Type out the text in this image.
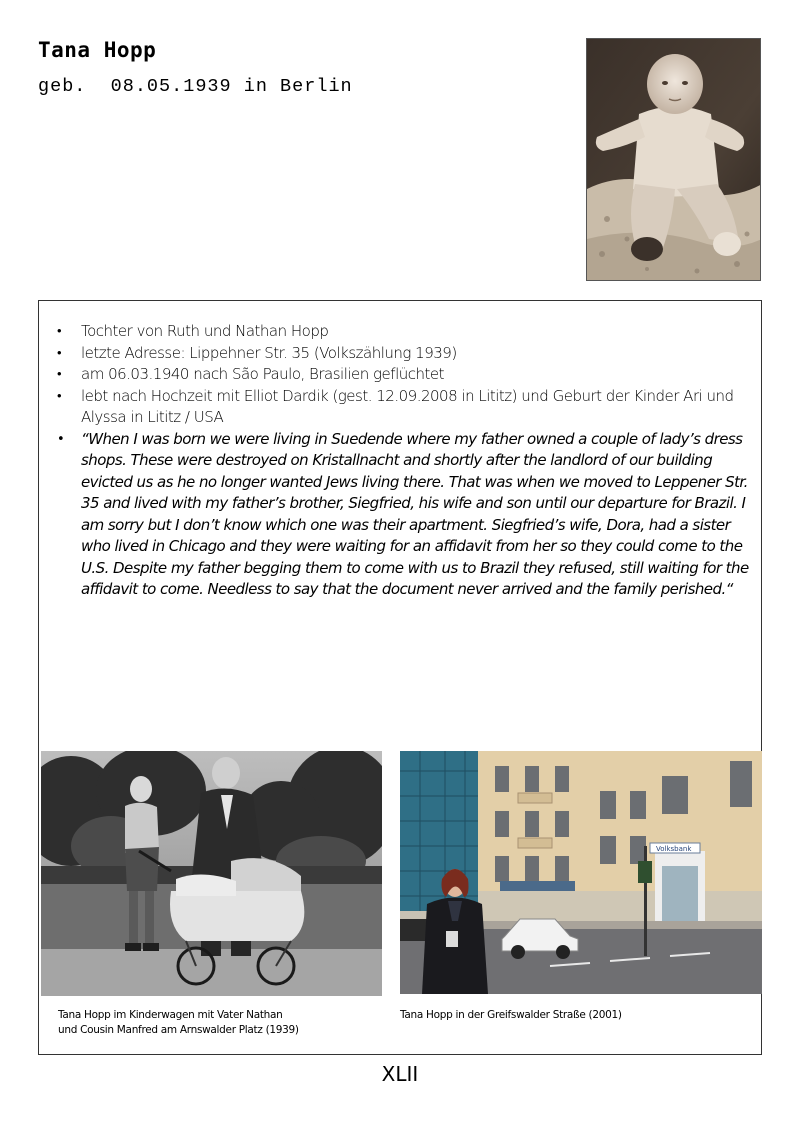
Tana Hopp
geb.  08.05.1939 in Berlin
• Tochter von Ruth und Nathan Hopp
• letzte Adresse: Lippehner Str. 35 (Volkszählung 1939)
• am 06.03.1940 nach São Paulo, Brasilien geflüchtet
• lebt nach Hochzeit mit Elliot Dardik (gest. 12.09.2008 in Lititz) und Geburt der Kinder Ari und Alyssa in Lititz / USA
• “When I was born we were living in Suedende where my father owned a couple of lady’s dress shops. These were destroyed on Kristallnacht and shortly after the landlord of our building evicted us as he no longer wanted Jews living there. That was when we moved to Leppener Str. 35 and lived with my father’s brother, Siegfried, his wife and son until our departure for Brazil. I am sorry but I don’t know which one was their apartment. Siegfried’s wife, Dora, had a sister who lived in Chicago and they were waiting for an affidavit from her so they could come to the U.S. Despite my father begging them to come with us to Brazil they refused, still waiting for the affidavit to come. Needless to say that the document never arrived and the family perished.“
Volksbank
Tana Hopp im Kinderwagen mit Vater Nathan
und Cousin Manfred am Arnswalder Platz (1939)
Tana Hopp in der Greifswalder Straße (2001)
XLII
